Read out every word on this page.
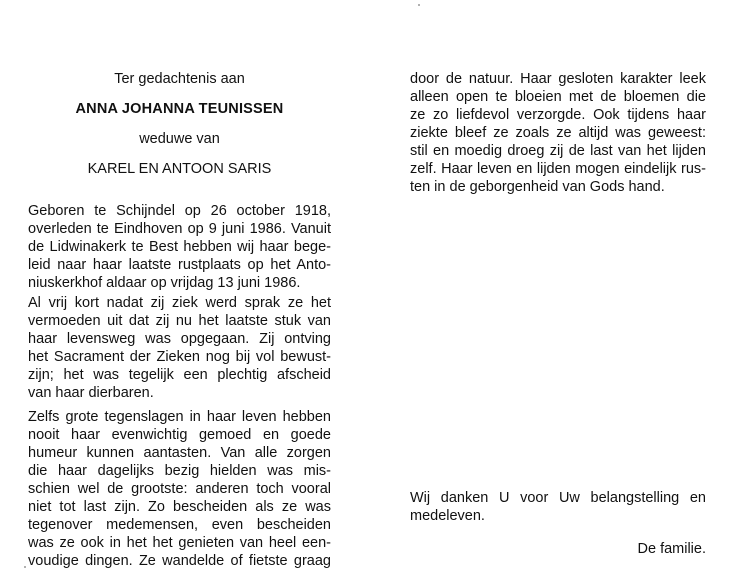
Ter gedachtenis aan
ANNA JOHANNA TEUNISSEN
weduwe van
KAREL EN ANTOON SARIS
Geboren te Schijndel op 26 october 1918,
overleden te Eindhoven op 9 juni 1986. Vanuit
de Lidwinakerk te Best hebben wij haar bege-
leid naar haar laatste rustplaats op het Anto-
niuskerkhof aldaar op vrijdag 13 juni 1986.
Al vrij kort nadat zij ziek werd sprak ze het
vermoeden uit dat zij nu het laatste stuk van
haar levensweg was opgegaan. Zij ontving
het Sacrament der Zieken nog bij vol bewust-
zijn; het was tegelijk een plechtig afscheid
van haar dierbaren.
Zelfs grote tegenslagen in haar leven hebben
nooit haar evenwichtig gemoed en goede
humeur kunnen aantasten. Van alle zorgen
die haar dagelijks bezig hielden was mis-
schien wel de grootste: anderen toch vooral
niet tot last zijn. Zo bescheiden als ze was
tegenover medemensen, even bescheiden
was ze ook in het het genieten van heel een-
voudige dingen. Ze wandelde of fietste graag
door de natuur. Haar gesloten karakter leek
alleen open te bloeien met de bloemen die
ze zo liefdevol verzorgde. Ook tijdens haar
ziekte bleef ze zoals ze altijd was geweest:
stil en moedig droeg zij de last van het lijden
zelf. Haar leven en lijden mogen eindelijk rus-
ten in de geborgenheid van Gods hand.
Wij danken U voor Uw belangstelling en
medeleven.
De familie.
